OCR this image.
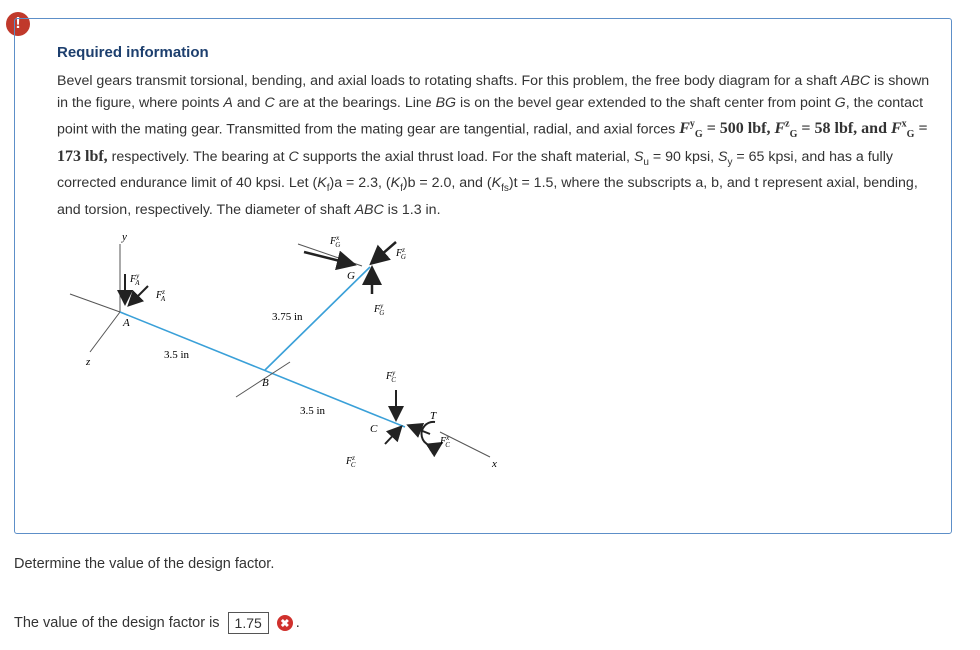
!
Required information
Bevel gears transmit torsional, bending, and axial loads to rotating shafts. For this problem, the free body diagram for a shaft ABC is shown in the figure, where points A and C are at the bearings. Line BG is on the bevel gear extended to the shaft center from point G, the contact point with the mating gear. Transmitted from the mating gear are tangential, radial, and axial forces $F^y_G = 500$ lbf, $F^z_G = 58$ lbf, and $F^x_G = 173$ lbf, respectively. The bearing at C supports the axial thrust load. For the shaft material, $S_u = 90$ kpsi, $S_y = 65$ kpsi, and has a fully corrected endurance limit of 40 kpsi. Let $(K_f)a = 2.3$, $(K_f)b = 2.0$, and $(K_{fs})t = 1.5$, where the subscripts a, b, and t represent axial, bending, and torsion, respectively. The diameter of shaft ABC is 1.3 in.
y
z
x
A
B
C
G
T
3.5 in
3.75 in
3.5 in
$F^y$ A
$F^z$ A
$F^x$ G
$F^z$ G
$F^y$ G
$F^y$ C
$F^z$ C
$F^x$ C
Determine the value of the design factor.
The value of the design factor is	1.75	✖ .
